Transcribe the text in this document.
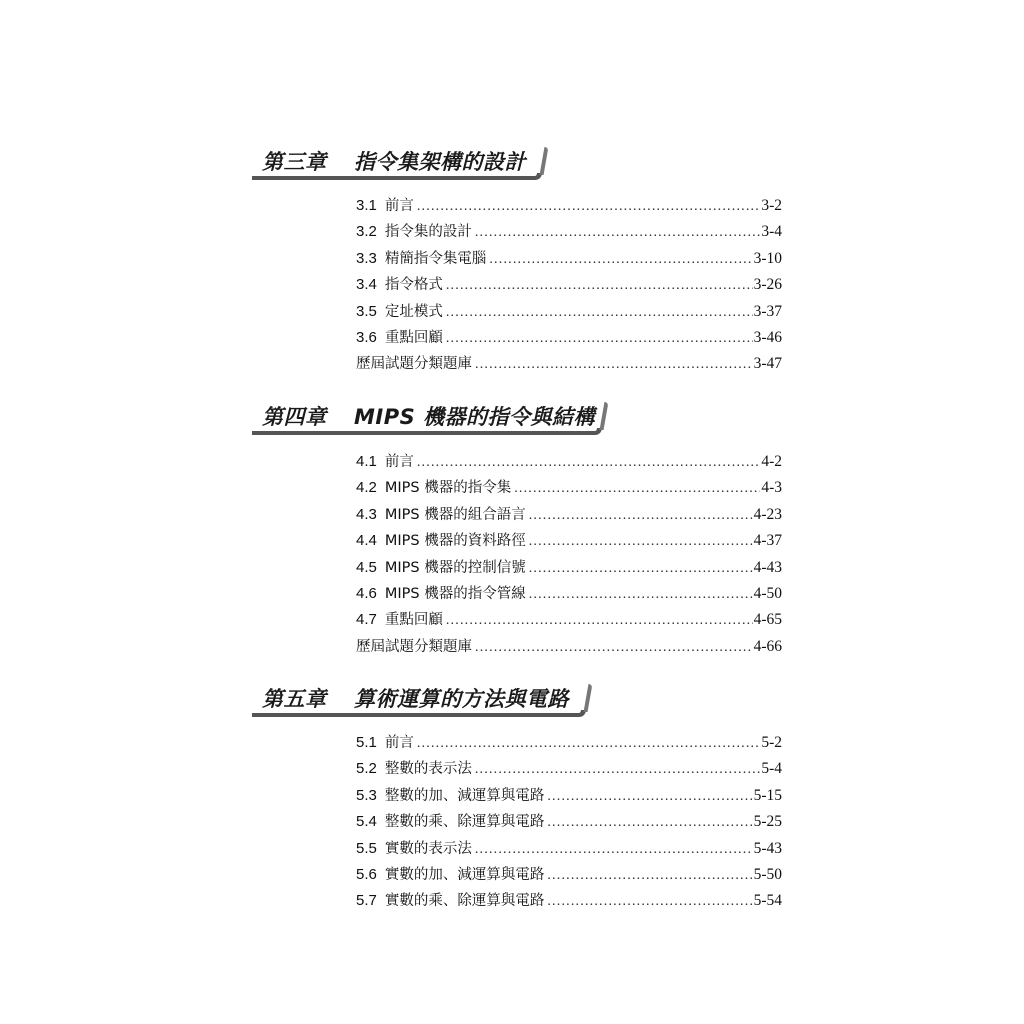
第三章 指令集架構的設計
3.1 前言 .....	3-2
3.2 指令集的設計 .....	3-4
3.3 精簡指令集電腦 .....	3-10
3.4 指令格式 .....	3-26
3.5 定址模式 .....	3-37
3.6 重點回顧 .....	3-46
歷屆試題分類題庫 .....	3-47
第四章 MIPS 機器的指令與結構
4.1 前言 .....	4-2
4.2 MIPS 機器的指令集 .....	4-3
4.3 MIPS 機器的組合語言 .....	4-23
4.4 MIPS 機器的資料路徑 .....	4-37
4.5 MIPS 機器的控制信號 .....	4-43
4.6 MIPS 機器的指令管線 .....	4-50
4.7 重點回顧 .....	4-65
歷屆試題分類題庫 .....	4-66
第五章 算術運算的方法與電路
5.1 前言 .....	5-2
5.2 整數的表示法 .....	5-4
5.3 整數的加、減運算與電路 .....	5-15
5.4 整數的乘、除運算與電路 .....	5-25
5.5 實數的表示法 .....	5-43
5.6 實數的加、減運算與電路 .....	5-50
5.7 實數的乘、除運算與電路 .....	5-54
